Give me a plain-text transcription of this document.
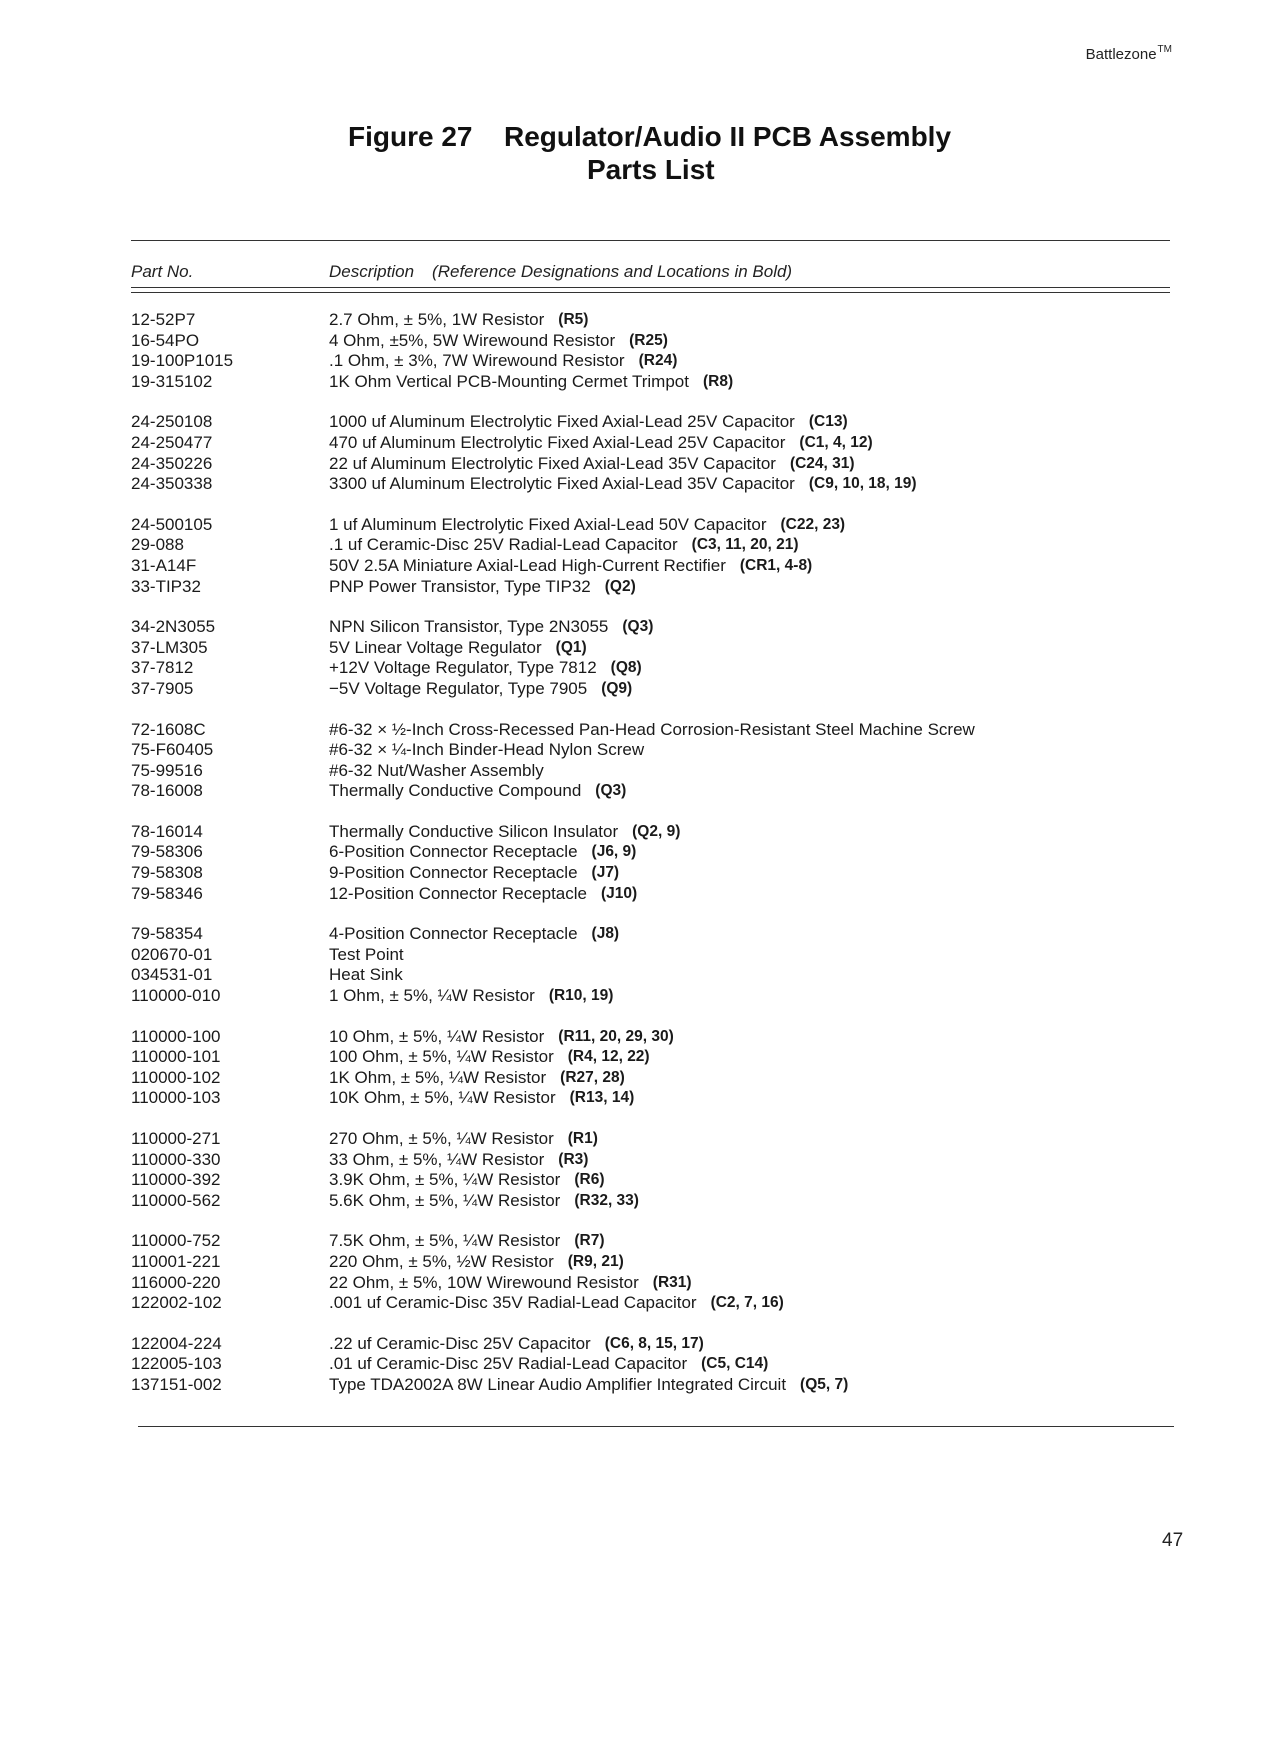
Battlezone™
Figure 27	Regulator/Audio II PCB Assembly
Parts List
Part No.	Description (Reference Designations and Locations in Bold)
12-52P7	2.7 Ohm, ± 5%, 1W Resistor (R5)
16-54PO	4 Ohm, ±5%, 5W Wirewound Resistor (R25)
19-100P1015	.1 Ohm, ± 3%, 7W Wirewound Resistor (R24)
19-315102	1K Ohm Vertical PCB-Mounting Cermet Trimpot (R8)
24-250108	1000 uf Aluminum Electrolytic Fixed Axial-Lead 25V Capacitor (C13)
24-250477	470 uf Aluminum Electrolytic Fixed Axial-Lead 25V Capacitor (C1, 4, 12)
24-350226	22 uf Aluminum Electrolytic Fixed Axial-Lead 35V Capacitor (C24, 31)
24-350338	3300 uf Aluminum Electrolytic Fixed Axial-Lead 35V Capacitor (C9, 10, 18, 19)
24-500105	1 uf Aluminum Electrolytic Fixed Axial-Lead 50V Capacitor (C22, 23)
29-088	.1 uf Ceramic-Disc 25V Radial-Lead Capacitor (C3, 11, 20, 21)
31-A14F	50V 2.5A Miniature Axial-Lead High-Current Rectifier (CR1, 4-8)
33-TIP32	PNP Power Transistor, Type TIP32 (Q2)
34-2N3055	NPN Silicon Transistor, Type 2N3055 (Q3)
37-LM305	5V Linear Voltage Regulator (Q1)
37-7812	+12V Voltage Regulator, Type 7812 (Q8)
37-7905	−5V Voltage Regulator, Type 7905 (Q9)
72-1608C	#6-32 × ½-Inch Cross-Recessed Pan-Head Corrosion-Resistant Steel Machine Screw
75-F60405	#6-32 × ¼-Inch Binder-Head Nylon Screw
75-99516	#6-32 Nut/Washer Assembly
78-16008	Thermally Conductive Compound (Q3)
78-16014	Thermally Conductive Silicon Insulator (Q2, 9)
79-58306	6-Position Connector Receptacle (J6, 9)
79-58308	9-Position Connector Receptacle (J7)
79-58346	12-Position Connector Receptacle (J10)
79-58354	4-Position Connector Receptacle (J8)
020670-01	Test Point
034531-01	Heat Sink
110000-010	1 Ohm, ± 5%, ¼W Resistor (R10, 19)
110000-100	10 Ohm, ± 5%, ¼W Resistor (R11, 20, 29, 30)
110000-101	100 Ohm, ± 5%, ¼W Resistor (R4, 12, 22)
110000-102	1K Ohm, ± 5%, ¼W Resistor (R27, 28)
110000-103	10K Ohm, ± 5%, ¼W Resistor (R13, 14)
110000-271	270 Ohm, ± 5%, ¼W Resistor (R1)
110000-330	33 Ohm, ± 5%, ¼W Resistor (R3)
110000-392	3.9K Ohm, ± 5%, ¼W Resistor (R6)
110000-562	5.6K Ohm, ± 5%, ¼W Resistor (R32, 33)
110000-752	7.5K Ohm, ± 5%, ¼W Resistor (R7)
110001-221	220 Ohm, ± 5%, ½W Resistor (R9, 21)
116000-220	22 Ohm, ± 5%, 10W Wirewound Resistor (R31)
122002-102	.001 uf Ceramic-Disc 35V Radial-Lead Capacitor (C2, 7, 16)
122004-224	.22 uf Ceramic-Disc 25V Capacitor (C6, 8, 15, 17)
122005-103	.01 uf Ceramic-Disc 25V Radial-Lead Capacitor (C5, C14)
137151-002	Type TDA2002A 8W Linear Audio Amplifier Integrated Circuit (Q5, 7)
47
